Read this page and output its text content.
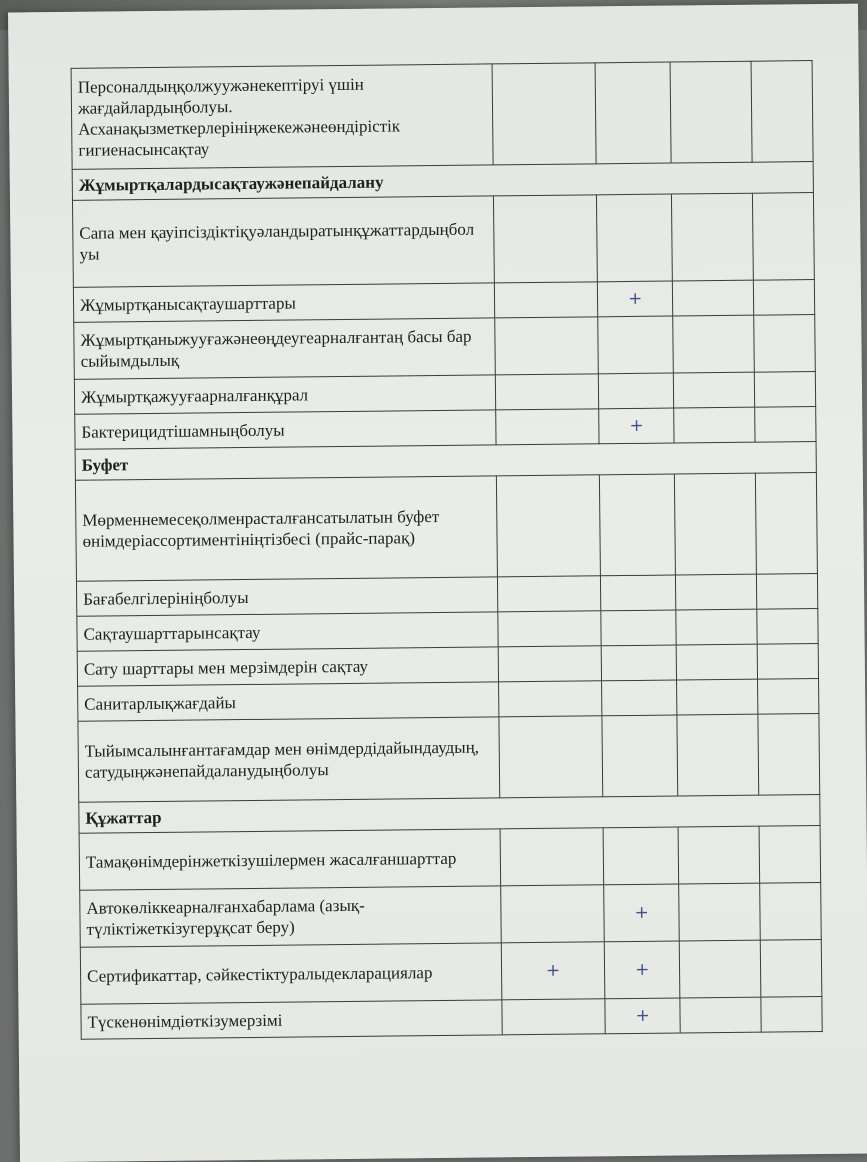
Персоналдыңқолжуужәнекептіруі үшін жағдайлардыңболуы. Асханақызметкерлерініңжекежәнеөндірістік гигиенасынсақтау				
Жұмыртқалардысақтаужәнепайдалану				
Сапа мен қауіпсіздіктіқуәландыратынқұжаттардыңбол уы				
Жұмыртқанысақтаушарттары		+		
Жұмыртқаныжууғажәнеөңдеугеарналғантаң басы бар сыйымдылық				
Жұмыртқажууғаарналғанқұрал				
Бактерицидтішамныңболуы		+		
Буфет				
Мөрменнемесеқолменрасталғансатылатын буфет өнімдеріассортиментініңтізбесі (прайс-парақ)				
Бағабелгілерініңболуы				
Сақтаушарттарынсақтау				
Сату шарттары мен мерзімдерін сақтау				
Санитарлықжағдайы				
Тыйымсалынғантағамдар мен өнімдердідайындаудың, сатудыңжәнепайдаланудыңболуы				
Құжаттар				
Тамақөнімдерінжеткізушілермен жасалғаншарттар				
Автокөліккеарналғанхабарлама (азық-түліктіжеткізугерұқсат беру)		+		
Сертификаттар, сәйкестіктуралыдекларациялар	+	+		
Түскенөнімдіөткізумерзімі		+		
